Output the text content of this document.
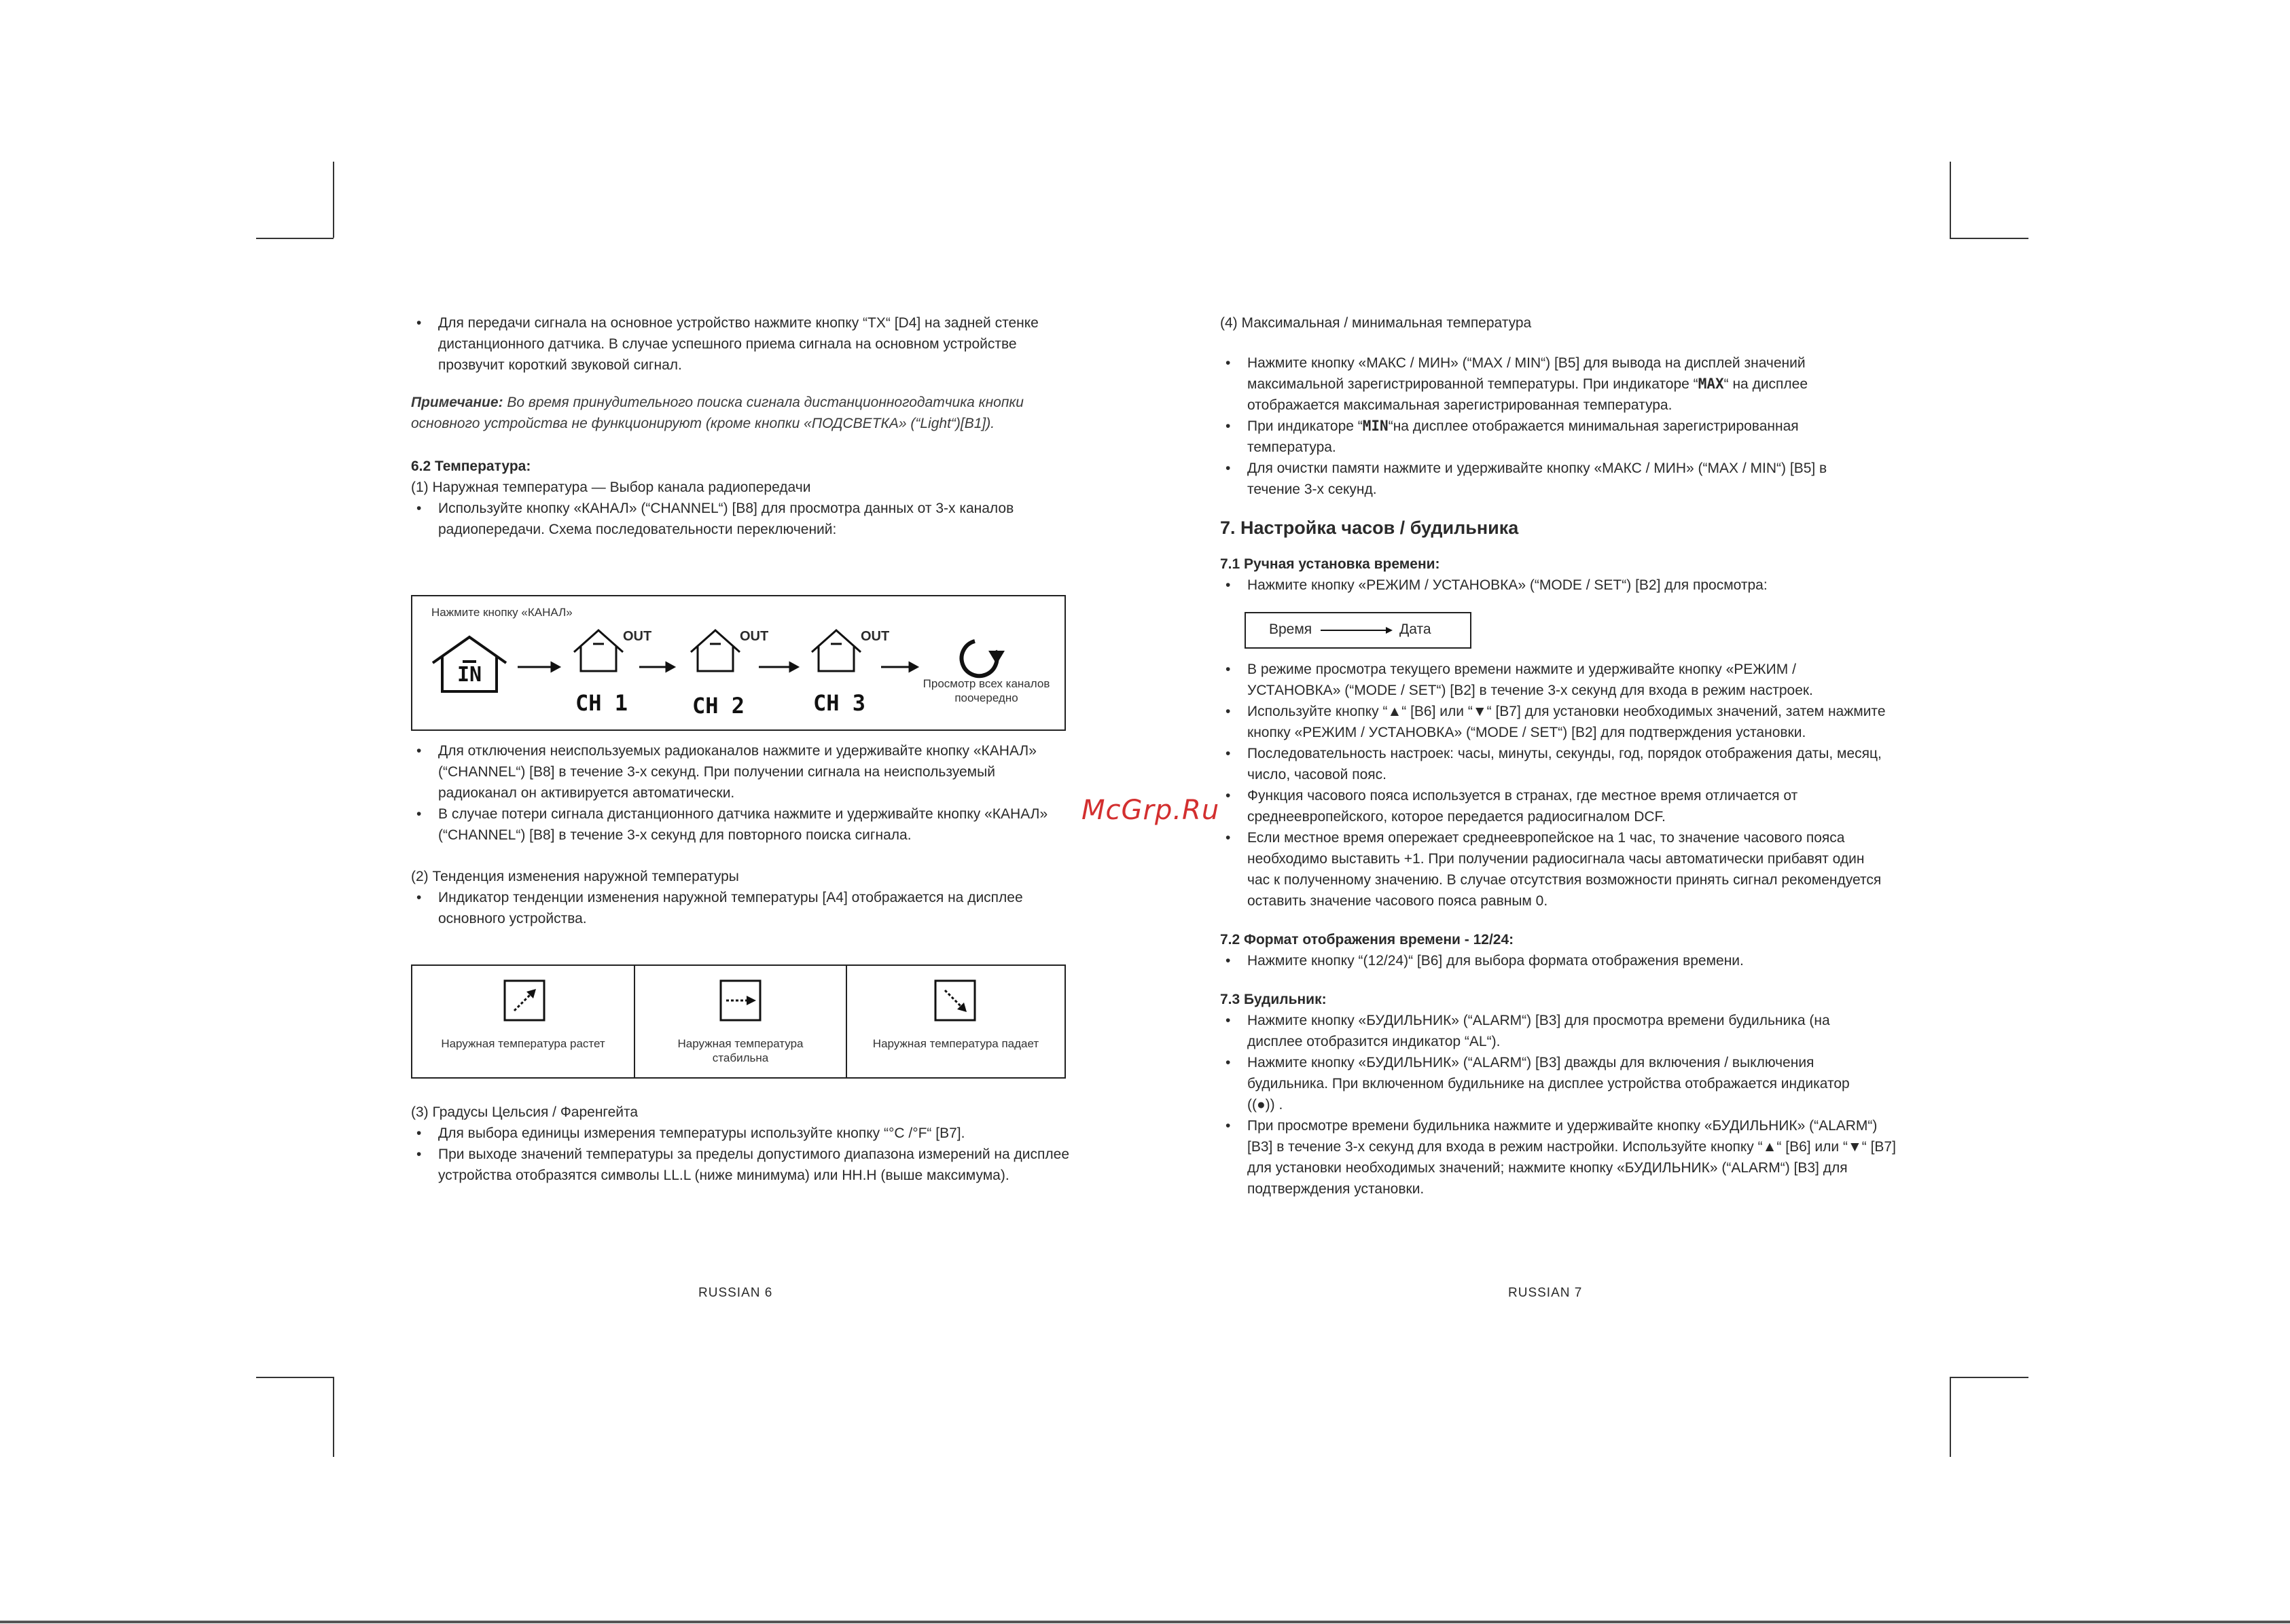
• Для передачи сигнала на основное устройство нажмите кнопку “TX“ [D4] на задней стенке дистанционного датчика. В случае успешного приема сигнала на основном устройстве прозвучит короткий звуковой сигнал.

Примечание: Во время принудительного поиска сигнала дистанционногодатчика кнопки основного устройства не функционируют (кроме кнопки «ПОДСВЕТКА» (“Light“)[B1]).

6.2 Температура:

(1) Наружная температура — Выбор канала радиопередачи

• Используйте кнопку «КАНАЛ» (“CHANNEL“) [B8] для просмотра данных от 3-х каналов радиопередачи. Схема последовательности переключений:

Нажмите кнопку «КАНАЛ»
IN
OUT	OUT	OUT
CH 1	CH 2	CH 3
Просмотр всех каналов поочередно

• Для отключения неиспользуемых радиоканалов нажмите и удерживайте кнопку «КАНАЛ» (“CHANNEL“) [B8] в течение 3-х секунд. При получении сигнала на неиспользуемый радиоканал он активируется автоматически.

• В случае потери сигнала дистанционного датчика нажмите и удерживайте кнопку «КАНАЛ» (“CHANNEL“) [B8] в течение 3-х секунд для повторного поиска сигнала.

(2) Тенденция изменения наружной температуры

• Индикатор тенденции изменения наружной температуры [A4] отображается на дисплее основного устройства.

Наружная температура растет	Наружная температура стабильна
Наружная температура падает

(3) Градусы Цельсия / Фаренгейта

• Для выбора единицы измерения температуры используйте кнопку “°C /°F“ [B7].

• При выходе значений температуры за пределы допустимого диапазона измерений на дисплее устройства отобразятся символы LL.L (ниже минимума) или HH.H (выше максимума).

RUSSIAN 6
McGrp.Ru

(4) Максимальная / минимальная температура

• Нажмите кнопку «МАКС / МИН» (“MAX / MIN“) [B5] для вывода на дисплей значений максимальной зарегистрированной температуры. При индикаторе “MAX“ на дисплее отображается максимальная зарегистрированная температура.

• При индикаторе “MIN“на дисплее отображается минимальная зарегистрированная температура.

• Для очистки памяти нажмите и удерживайте кнопку «МАКС / МИН» (“MAX / MIN“) [B5] в течение 3-х секунд.

7. Настройка часов / будильника

7.1 Ручная установка времени:

• Нажмите кнопку «РЕЖИМ / УСТАНОВКА» (“MODE / SET“) [B2] для просмотра:

Время	Дата

• В режиме просмотра текущего времени нажмите и удерживайте кнопку «РЕЖИМ / УСТАНОВКА» (“MODE / SET“) [B2] в течение 3-х секунд для входа в режим настроек.

• Используйте кнопку “▲“ [B6] или “▼“ [B7] для установки необходимых значений, затем нажмите кнопку «РЕЖИМ / УСТАНОВКА» (“MODE / SET“) [B2] для подтверждения установки.

• Последовательность настроек: часы, минуты, секунды, год, порядок отображения даты, месяц, число, часовой пояс.

• Функция часового пояса используется в странах, где местное время отличается от среднеевропейского, которое передается радиосигналом DCF.

• Если местное время опережает среднеевропейское на 1 час, то значение часового пояса необходимо выставить +1. При получении радиосигнала часы автоматически прибавят один час к полученному значению. В случае отсутствия возможности принять сигнал рекомендуется оставить значение часового пояса равным 0.

7.2 Формат отображения времени - 12/24:

• Нажмите кнопку “(12/24)“ [B6] для выбора формата отображения времени.

7.3 Будильник:

• Нажмите кнопку «БУДИЛЬНИК» (“ALARM“) [B3] для просмотра времени будильника (на дисплее отобразится индикатор “AL“).

• Нажмите кнопку «БУДИЛЬНИК» (“ALARM“) [B3] дважды для включения / выключения будильника. При включенном будильнике на дисплее устройства отображается индикатор ((●)) .

• При просмотре времени будильника нажмите и удерживайте кнопку «БУДИЛЬНИК» (“ALARM“) [B3] в течение 3-х секунд для входа в режим настройки. Используйте кнопку “▲“ [B6] или “▼“ [B7] для установки необходимых значений; нажмите кнопку «БУДИЛЬНИК» (“ALARM“) [B3] для подтверждения установки.

RUSSIAN 7
